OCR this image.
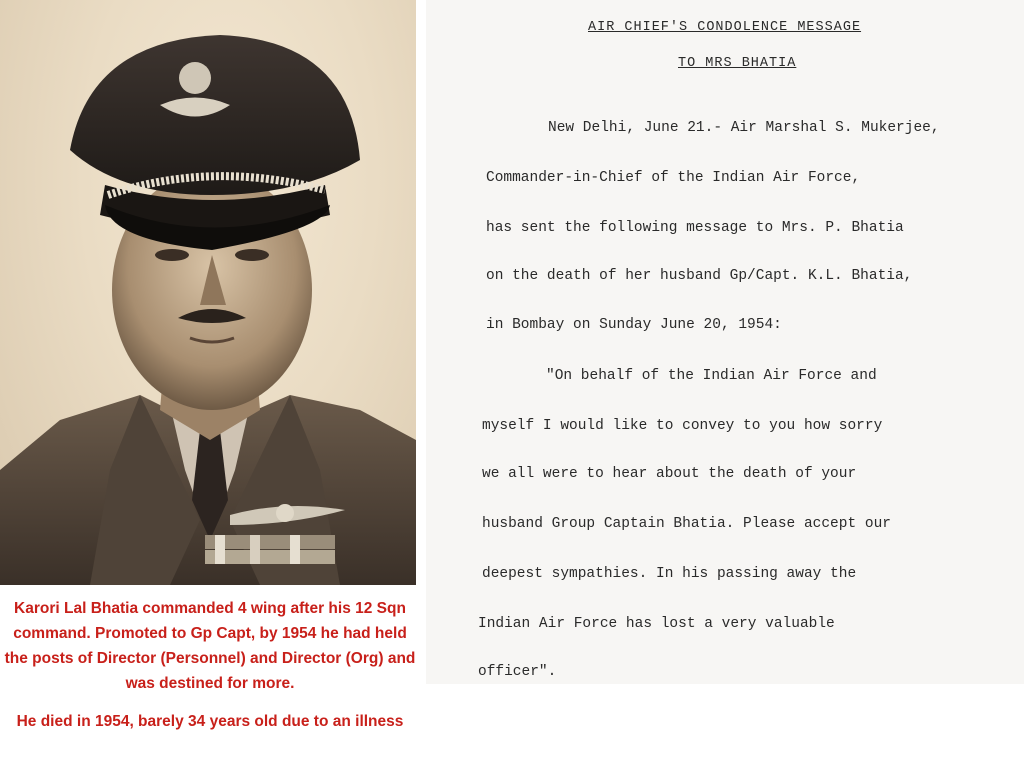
Karori Lal Bhatia commanded 4 wing after his 12 Sqn command. Promoted to Gp Capt, by 1954 he had held the posts of Director (Personnel) and Director (Org) and was destined for more.

He died in 1954, barely 34 years old due to an illness

AIR CHIEF'S CONDOLENCE MESSAGE
TO MRS BHATIA
New Delhi, June 21.- Air Marshal S. Mukerjee,
Commander-in-Chief of the Indian Air Force,
has sent the following message to Mrs. P. Bhatia
on the death of her husband Gp/Capt. K.L. Bhatia,
in Bombay on Sunday June 20, 1954:
"On behalf of the Indian Air Force and
myself I would like to convey to you how sorry
we all were to hear about the death of your
husband Group Captain Bhatia. Please accept our
deepest sympathies. In his passing away the
Indian Air Force has lost a very valuable
officer".
